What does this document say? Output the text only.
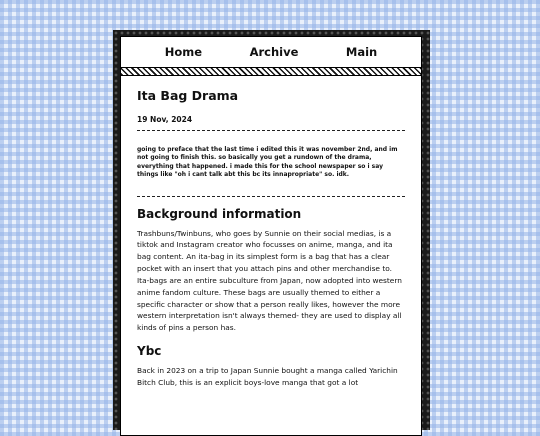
Home	Archive	Main
Ita Bag Drama
19 Nov, 2024
going to preface that the last time i edited this it was november 2nd, and im not going to finish this. so basically you get a rundown of the drama, everything that happened. i made this for the school newspaper so i say things like "oh i cant talk abt this bc its innapropriate" so. idk.
Background information

Trashbuns/Twinbuns, who goes by Sunnie on their social medias, is a tiktok and Instagram creator who focusses on anime, manga, and ita bag content. An ita-bag in its simplest form is a bag that has a clear pocket with an insert that you attach pins and other merchandise to. Ita-bags are an entire subculture from Japan, now adopted into western anime fandom culture. These bags are usually themed to either a specific character or show that a person really likes, however the more western interpretation isn't always themed- they are used to display all kinds of pins a person has.

Ybc

Back in 2023 on a trip to Japan Sunnie bought a manga called Yarichin Bitch Club, this is an explicit boys-love manga that got a lot
